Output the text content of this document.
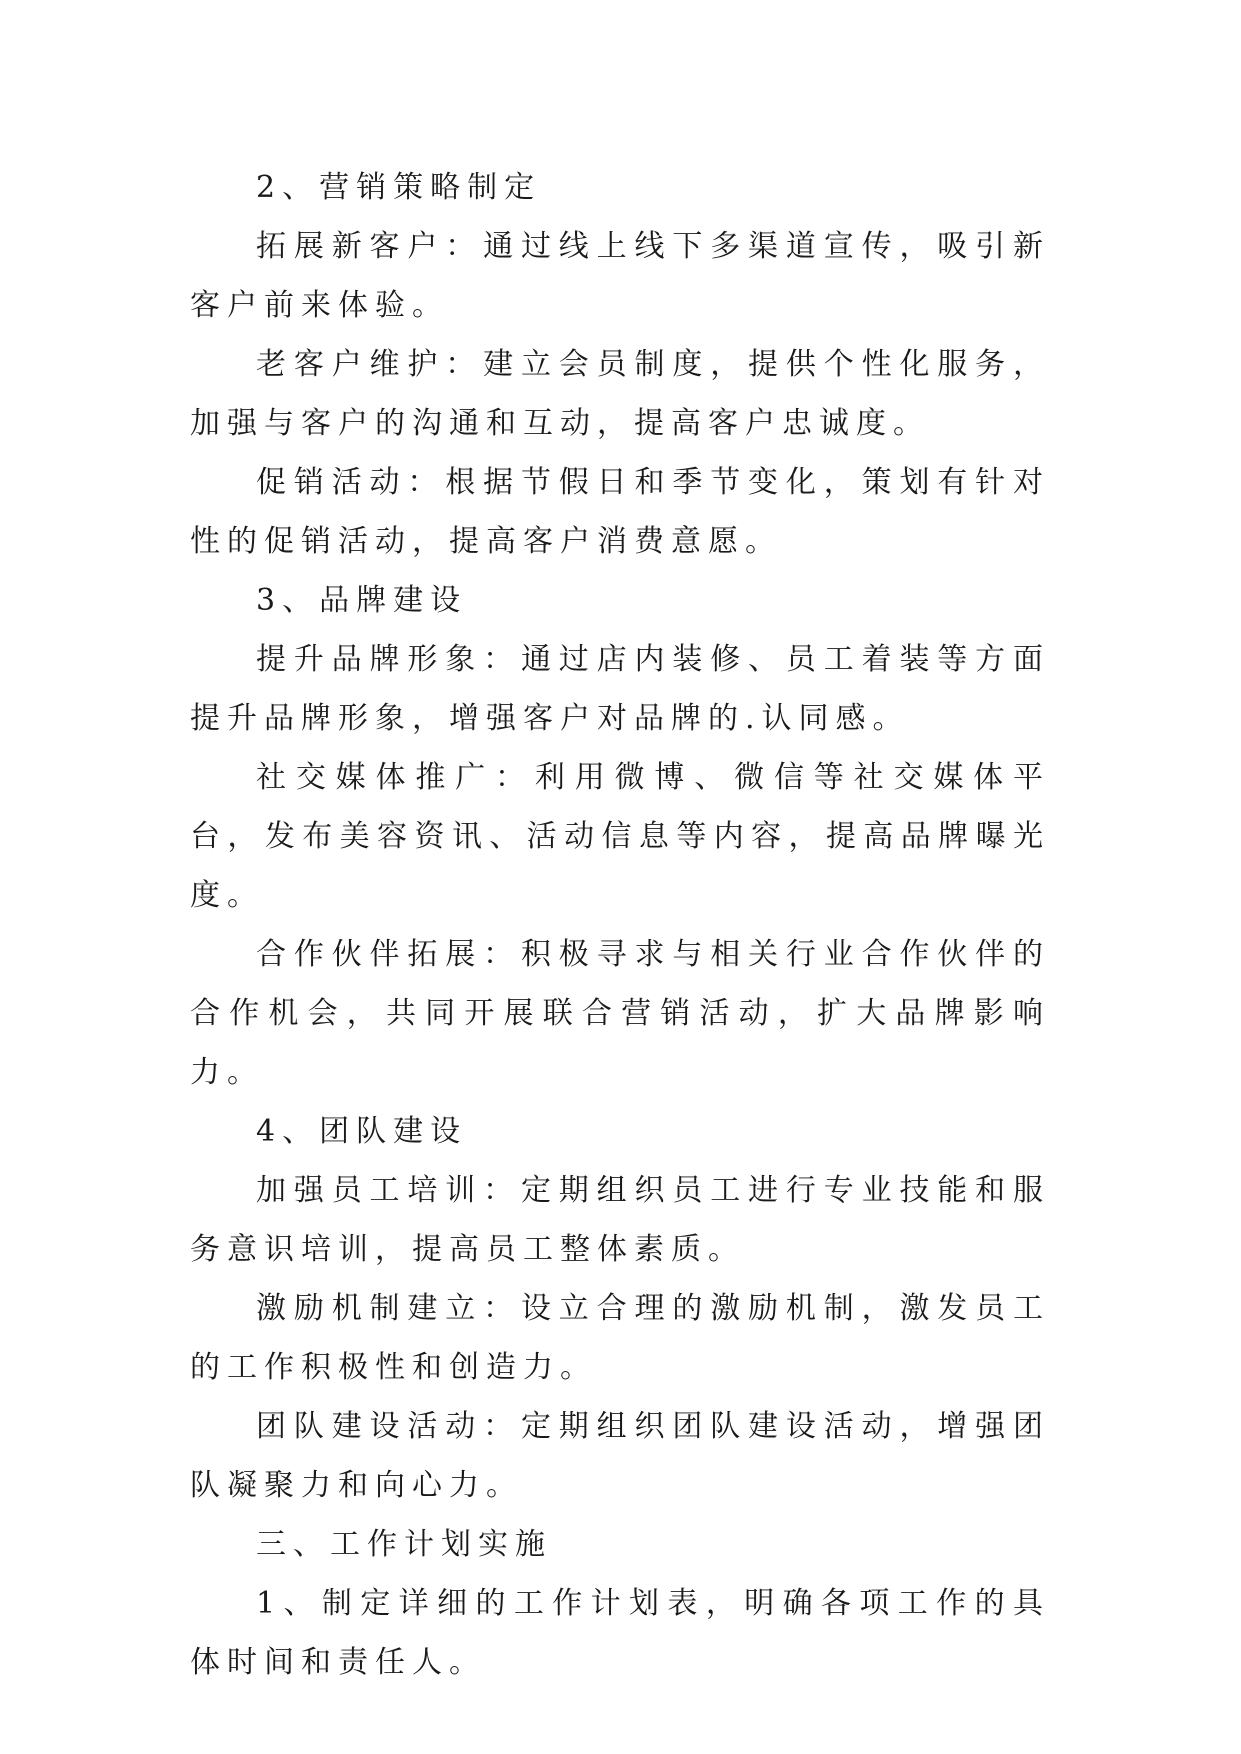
2、营销策略制定

拓展新客户：通过线上线下多渠道宣传，吸引新客户前来体验。

老客户维护：建立会员制度，提供个性化服务，加强与客户的沟通和互动，提高客户忠诚度。

促销活动：根据节假日和季节变化，策划有针对性的促销活动，提高客户消费意愿。

3、品牌建设

提升品牌形象：通过店内装修、员工着装等方面提升品牌形象，增强客户对品牌的.认同感。

社交媒体推广：利用微博、微信等社交媒体平台，发布美容资讯、活动信息等内容，提高品牌曝光度。

合作伙伴拓展：积极寻求与相关行业合作伙伴的合作机会，共同开展联合营销活动，扩大品牌影响力。

4、团队建设

加强员工培训：定期组织员工进行专业技能和服务意识培训，提高员工整体素质。

激励机制建立：设立合理的激励机制，激发员工的工作积极性和创造力。

团队建设活动：定期组织团队建设活动，增强团队凝聚力和向心力。

三、工作计划实施

1、制定详细的工作计划表，明确各项工作的具体时间和责任人。
